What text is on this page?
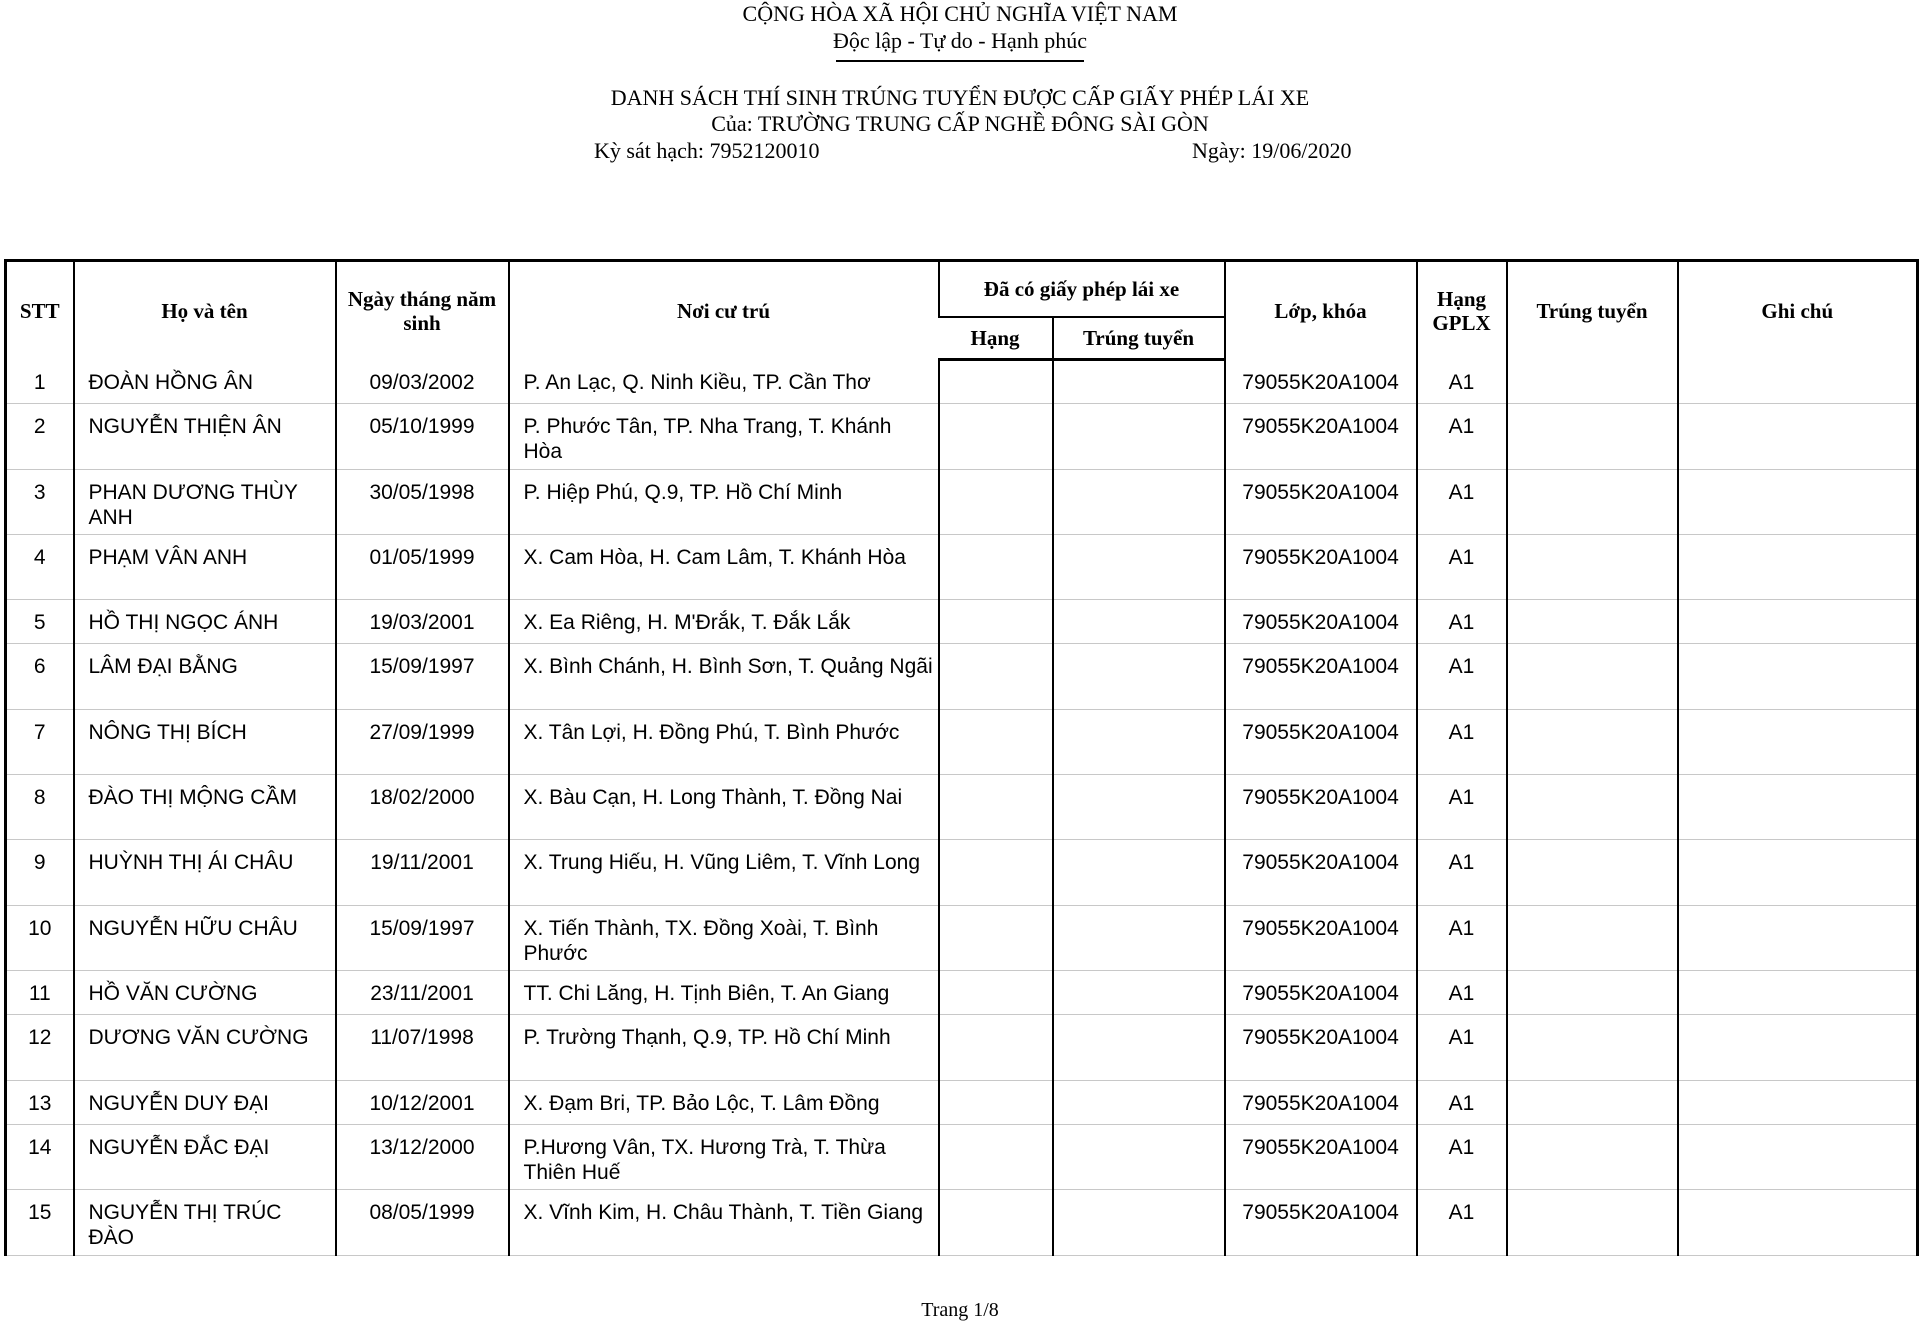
CỘNG HÒA XÃ HỘI CHỦ NGHĨA VIỆT NAM
Độc lập - Tự do - Hạnh phúc
DANH SÁCH THÍ SINH TRÚNG TUYỂN ĐƯỢC CẤP GIẤY PHÉP LÁI XE
Của: TRƯỜNG TRUNG CẤP NGHỀ ĐÔNG SÀI GÒN
Kỳ sát hạch: 7952120010	Ngày: 19/06/2020
STT	Họ và tên	Ngày tháng năm sinh	Nơi cư trú	Đã có giấy phép lái xe		Lớp, khóa	Hạng GPLX	Trúng tuyển	Ghi chú
				Hạng	Trúng tuyển				
1	ĐOÀN HỒNG ÂN	09/03/2002	P. An Lạc, Q. Ninh Kiều, TP. Cần Thơ			79055K20A1004	A1		
2	NGUYỄN THIỆN ÂN	05/10/1999	P. Phước Tân, TP. Nha Trang, T. Khánh Hòa			79055K20A1004	A1		
3	PHAN DƯƠNG THÙY ANH	30/05/1998	P. Hiệp Phú, Q.9, TP. Hồ Chí Minh			79055K20A1004	A1		
4	PHẠM VÂN ANH	01/05/1999	X. Cam Hòa, H. Cam Lâm, T. Khánh Hòa			79055K20A1004	A1		
5	HỒ THỊ NGỌC ÁNH	19/03/2001	X. Ea Riêng, H. M'Đrắk, T. Đắk Lắk			79055K20A1004	A1		
6	LÂM ĐẠI BẰNG	15/09/1997	X. Bình Chánh, H. Bình Sơn, T. Quảng Ngãi			79055K20A1004	A1		
7	NÔNG THỊ BÍCH	27/09/1999	X. Tân Lợi, H. Đồng Phú, T. Bình Phước			79055K20A1004	A1		
8	ĐÀO THỊ MỘNG CẦM	18/02/2000	X. Bàu Cạn, H. Long Thành, T. Đồng Nai			79055K20A1004	A1		
9	HUỲNH THỊ ÁI CHÂU	19/11/2001	X. Trung Hiếu, H. Vũng Liêm, T. Vĩnh Long			79055K20A1004	A1		
10	NGUYỄN HỮU CHÂU	15/09/1997	X. Tiến Thành, TX. Đồng Xoài, T. Bình Phước			79055K20A1004	A1		
11	HỒ VĂN CƯỜNG	23/11/2001	TT. Chi Lăng, H. Tịnh Biên, T. An Giang			79055K20A1004	A1		
12	DƯƠNG VĂN CƯỜNG	11/07/1998	P. Trường Thạnh, Q.9, TP. Hồ Chí Minh			79055K20A1004	A1		
13	NGUYỄN DUY ĐẠI	10/12/2001	X. Đạm Bri, TP. Bảo Lộc, T. Lâm Đồng			79055K20A1004	A1		
14	NGUYỄN ĐẮC ĐẠI	13/12/2000	P.Hương Vân, TX. Hương Trà, T. Thừa Thiên Huế			79055K20A1004	A1		
15	NGUYỄN THỊ TRÚC ĐÀO	08/05/1999	X. Vĩnh Kim, H. Châu Thành, T. Tiền Giang			79055K20A1004	A1		
Trang 1/8
